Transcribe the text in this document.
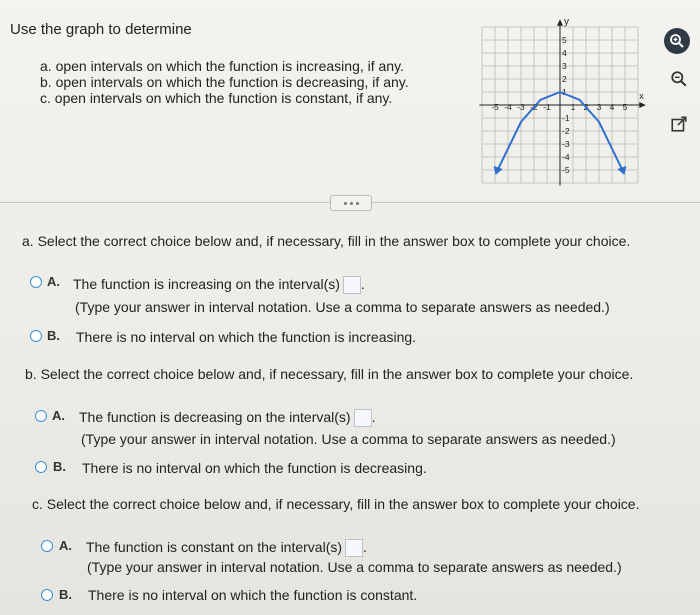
Use the graph to determine
a. open intervals on which the function is increasing, if any.
b. open intervals on which the function is decreasing, if any.
c. open intervals on which the function is constant, if any.	x
y
-5 -4 -3 -2 -1 1 2 3 4 5
5
4
3
2
1
-1
-2
-3
-4
-5
a. Select the correct choice below and, if necessary, fill in the answer box to complete your choice.
A. The function is increasing on the interval(s) .
(Type your answer in interval notation. Use a comma to separate answers as needed.)
B. There is no interval on which the function is increasing.
b. Select the correct choice below and, if necessary, fill in the answer box to complete your choice.
A. The function is decreasing on the interval(s) .
(Type your answer in interval notation. Use a comma to separate answers as needed.)
B. There is no interval on which the function is decreasing.
c. Select the correct choice below and, if necessary, fill in the answer box to complete your choice.
A. The function is constant on the interval(s) .
(Type your answer in interval notation. Use a comma to separate answers as needed.)
B. There is no interval on which the function is constant.
